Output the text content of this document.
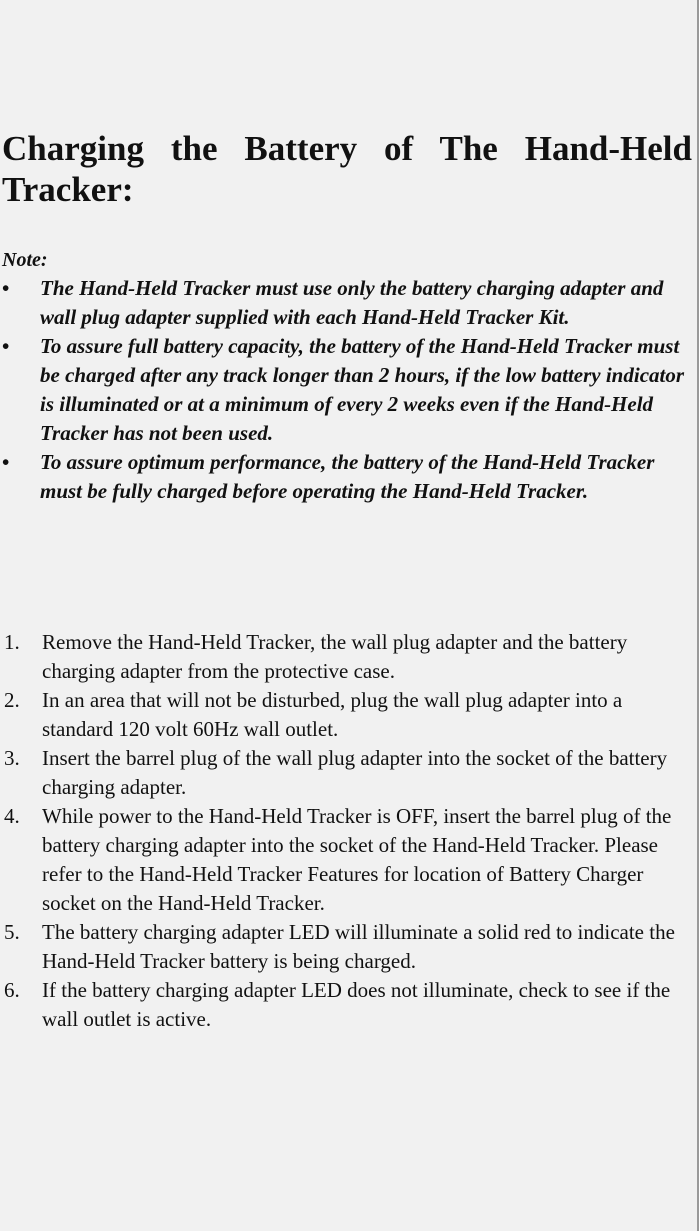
Charging the Battery of The Hand-Held Tracker:

Note:

• The Hand-Held Tracker must use only the battery charging adapter and wall plug adapter supplied with each Hand-Held Tracker Kit.
• To assure full battery capacity, the battery of the Hand-Held Tracker must be charged after any track longer than 2 hours, if the low battery indicator is illuminated or at a minimum of every 2 weeks even if the Hand-Held Tracker has not been used.
• To assure optimum performance, the battery of the Hand-Held Tracker must be fully charged before operating the Hand-Held Tracker.
1. Remove the Hand-Held Tracker, the wall plug adapter and the battery charging adapter from the protective case.
2. In an area that will not be disturbed, plug the wall plug adapter into a standard 120 volt 60Hz wall outlet.
3. Insert the barrel plug of the wall plug adapter into the socket of the battery charging adapter.
4. While power to the Hand-Held Tracker is OFF, insert the barrel plug of the battery charging adapter into the socket of the Hand-Held Tracker. Please refer to the Hand-Held Tracker Features for location of Battery Charger socket on the Hand-Held Tracker.
5. The battery charging adapter LED will illuminate a solid red to indicate the Hand-Held Tracker battery is being charged.
6. If the battery charging adapter LED does not illuminate, check to see if the wall outlet is active.
